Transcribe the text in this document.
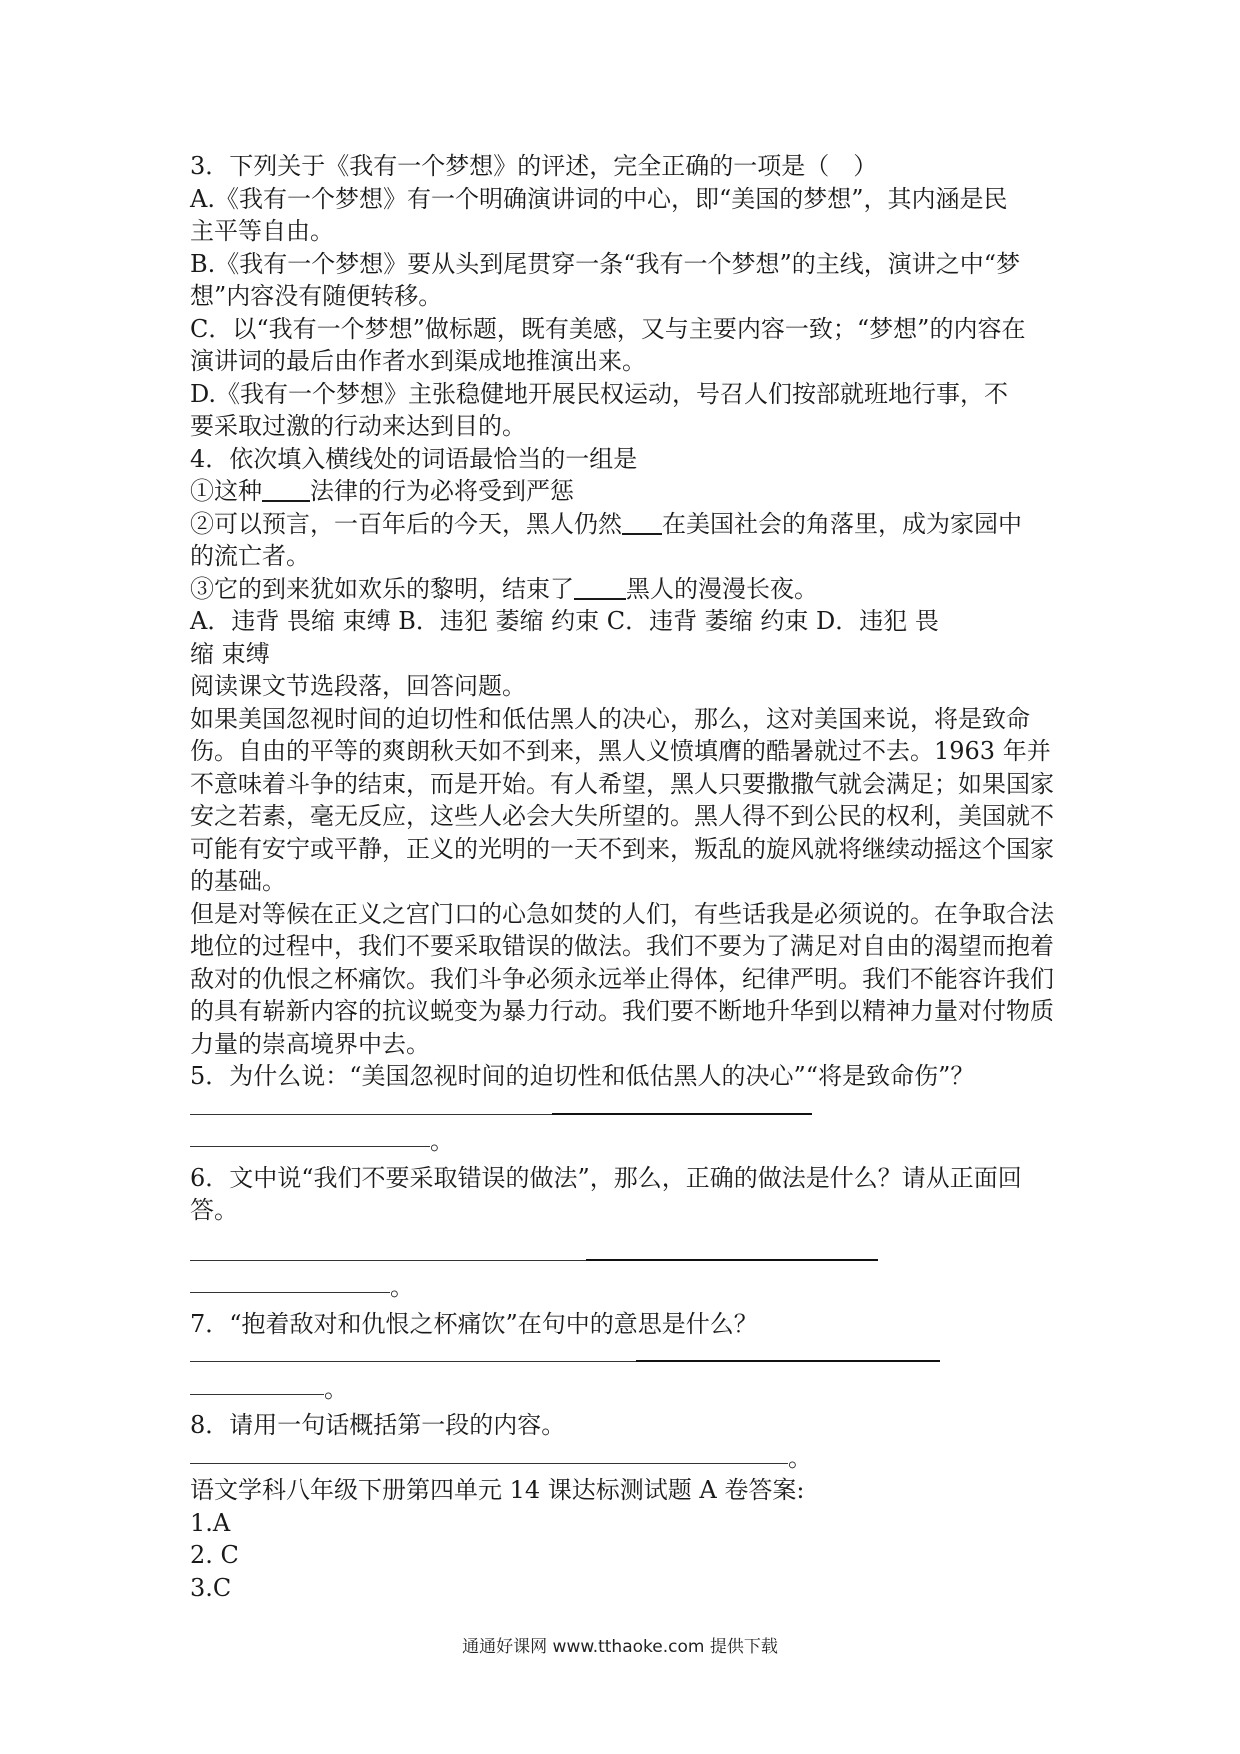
3．下列关于《我有一个梦想》的评述，完全正确的一项是（　）
A.《我有一个梦想》有一个明确演讲词的中心，即“美国的梦想”，其内涵是民
主平等自由。
B.《我有一个梦想》要从头到尾贯穿一条“我有一个梦想”的主线，演讲之中“梦
想”内容没有随便转移。
C．以“我有一个梦想”做标题，既有美感，又与主要内容一致；“梦想”的内容在
演讲词的最后由作者水到渠成地推演出来。
D.《我有一个梦想》主张稳健地开展民权运动，号召人们按部就班地行事，不
要采取过激的行动来达到目的。
4．依次填入横线处的词语最恰当的一组是
①这种 法律的行为必将受到严惩
②可以预言，一百年后的今天，黑人仍然 在美国社会的角落里，成为家园中
的流亡者。
③它的到来犹如欢乐的黎明，结束了 黑人的漫漫长夜。
A．违背 畏缩 束缚 B．违犯 萎缩 约束 C．违背 萎缩 约束 D．违犯 畏
缩 束缚
阅读课文节选段落，回答问题。
如果美国忽视时间的迫切性和低估黑人的决心，那么，这对美国来说，将是致命伤。自由的平等的爽朗秋天如不到来，黑人义愤填膺的酷暑就过不去。1963 年并不意味着斗争的结束，而是开始。有人希望，黑人只要撒撒气就会满足；如果国家安之若素，毫无反应，这些人必会大失所望的。黑人得不到公民的权利，美国就不可能有安宁或平静，正义的光明的一天不到来，叛乱的旋风就将继续动摇这个国家的基础。
但是对等候在正义之宫门口的心急如焚的人们，有些话我是必须说的。在争取合法地位的过程中，我们不要采取错误的做法。我们不要为了满足对自由的渴望而抱着敌对的仇恨之杯痛饮。我们斗争必须永远举止得体，纪律严明。我们不能容许我们的具有崭新内容的抗议蜕变为暴力行动。我们要不断地升华到以精神力量对付物质力量的崇高境界中去。
5．为什么说：“美国忽视时间的迫切性和低估黑人的决心”“将是致命伤”？
。
6．文中说“我们不要采取错误的做法”，那么，正确的做法是什么？请从正面回答。
。
7．“抱着敌对和仇恨之杯痛饮”在句中的意思是什么？
。
8．请用一句话概括第一段的内容。
。
语文学科八年级下册第四单元 14 课达标测试题 A 卷答案:
1.A
2. C
3.C
通通好课网 www.tthaoke.com 提供下载
